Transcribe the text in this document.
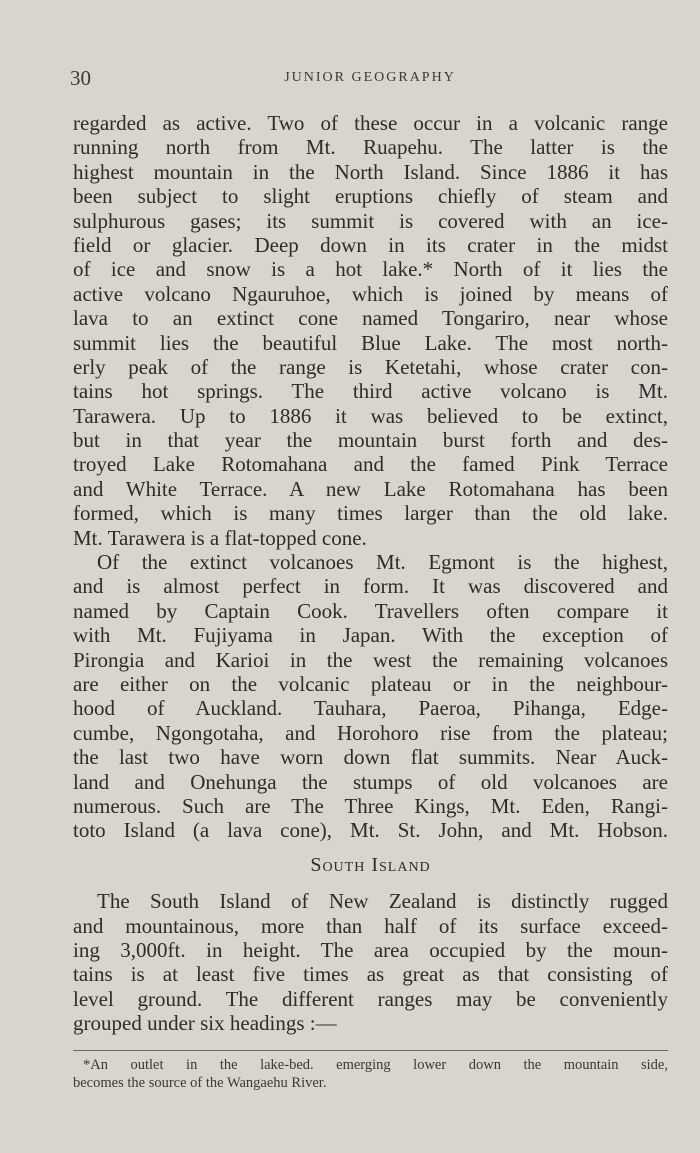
30	JUNIOR GEOGRAPHY
regarded as active. Two of these occur in a volcanic range
running north from Mt. Ruapehu. The latter is the
highest mountain in the North Island. Since 1886 it has
been subject to slight eruptions chiefly of steam and
sulphurous gases; its summit is covered with an ice-
field or glacier. Deep down in its crater in the midst
of ice and snow is a hot lake.* North of it lies the
active volcano Ngauruhoe, which is joined by means of
lava to an extinct cone named Tongariro, near whose
summit lies the beautiful Blue Lake. The most north-
erly peak of the range is Ketetahi, whose crater con-
tains hot springs. The third active volcano is Mt.
Tarawera. Up to 1886 it was believed to be extinct,
but in that year the mountain burst forth and des-
troyed Lake Rotomahana and the famed Pink Terrace
and White Terrace. A new Lake Rotomahana has been
formed, which is many times larger than the old lake.
Mt. Tarawera is a flat-topped cone.
Of the extinct volcanoes Mt. Egmont is the highest,
and is almost perfect in form. It was discovered and
named by Captain Cook. Travellers often compare it
with Mt. Fujiyama in Japan. With the exception of
Pirongia and Karioi in the west the remaining volcanoes
are either on the volcanic plateau or in the neighbour-
hood of Auckland. Tauhara, Paeroa, Pihanga, Edge-
cumbe, Ngongotaha, and Horohoro rise from the plateau;
the last two have worn down flat summits. Near Auck-
land and Onehunga the stumps of old volcanoes are
numerous. Such are The Three Kings, Mt. Eden, Rangi-
toto Island (a lava cone), Mt. St. John, and Mt. Hobson.
South Island
The South Island of New Zealand is distinctly rugged
and mountainous, more than half of its surface exceed-
ing 3,000ft. in height. The area occupied by the moun-
tains is at least five times as great as that consisting of
level ground. The different ranges may be conveniently
grouped under six headings :—
*An outlet in the lake-bed. emerging lower down the mountain side,
becomes the source of the Wangaehu River.
